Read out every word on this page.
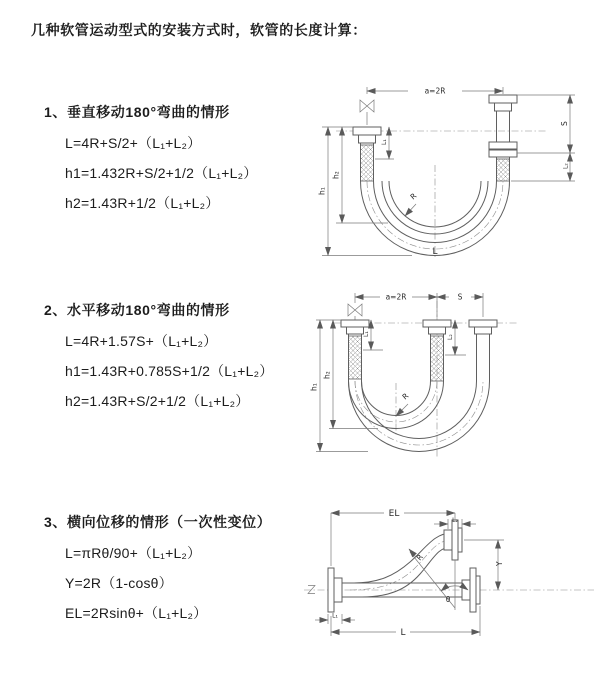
几种软管运动型式的安装方式时，软管的长度计算：
1、垂直移动180°弯曲的情形
L=4R+S/2+（L₁+L₂）
h1=1.432R+S/2+1/2（L₁+L₂）
h2=1.43R+1/2（L₁+L₂）
2、水平移动180°弯曲的情形
L=4R+1.57S+（L₁+L₂）
h1=1.43R+0.785S+1/2（L₁+L₂）
h2=1.43R+S/2+1/2（L₁+L₂）
3、横向位移的情形（一次性变位）
L=πRθ/90+（L₁+L₂）
Y=2R（1-cosθ）
EL=2Rsinθ+（L₁+L₂）
a=2R
R
h₁
h₂
L₁
S
L₂
L
a=2R	S
R
h₁
h₂
L₁
L₂
EL
L₂
Y
L
L₁
θ
R
